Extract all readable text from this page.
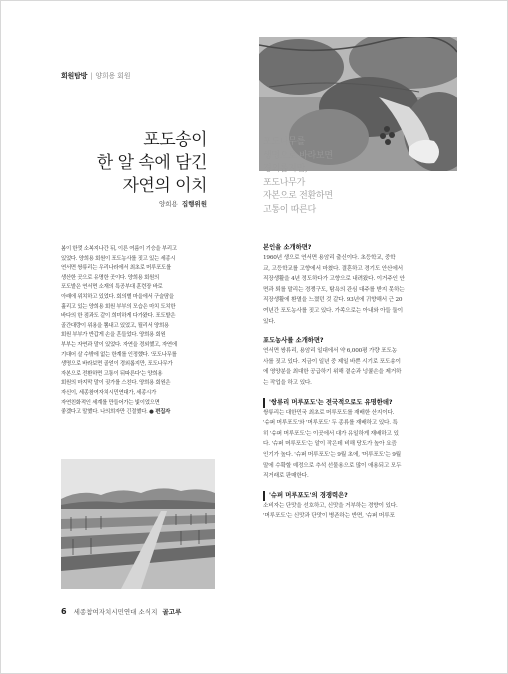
회원탐방 | 양희용 회원
포도송이
한 알 속에 담긴
자연의 이치
양희용 집행위원
포도나무를
생명으로 바라보면
경외롭지만,
포도나무가
자본으로 전환하면
고통이 따른다
봄이 한껏 소복지나간 뒤, 이른 여름이 기승을 부리고
있었다. 양희용 회원이 포도농사를 짓고 있는 세종시
연서면 쌍류리는 우리나라에서 최초로 머루포도를
생산한 곳으로 유명한 곳이다. 양희용 회원의
포도밭은 연서면 소재의 특공부대 훈련장 바로
아래에 위치하고 있었다. 회의별 마을에서 구슬땀을
흘리고 있는 양희용 회원 부부의 모습은 마치 도치한
바다의 한 점과도 같이 희미하게 다가왔다. 포도밭은
골간대량이 위용을 뽐내고 있었고, 될리서 양희용
회원 부부가 반갑게 손을 흔들었다. 양희용 회원
부부는 자연과 말이 있었다. 자연을 경외했고, 자연에
기대어 살 수밖에 없는 한계를 인정했다. '포도나무를
생명으로 바라보면 골얻이 경외롭지만, 포도나무가
자본으로 전환하면 고통이 뒤따른다'는 양희용
회원의 마지막 말이 귓가를 스친다. 양희용 회원은
자신이, 세종참여자치시민연대가, 세종시가
자연친화적인 세계를 만들어가는 빛이었으면
좋겠다고 말했다. 나의희자만 긴절했다. ● 편집자
본인을 소개하면?
1960년 생으로 연서면 용암리 출신이다. 초등학교, 중학
교, 고등학교를 고향에서 마쳤다. 결혼하고 경기도 안산에서
직장생활을 4년 정도하다가 고향으로 내려왔다. 이거주인 안
면과 퇴를 말리는 경쟁구도, 탐욕의 관심 대주를 받지 못하는
직장생활에 환멸을 느꼈던 것 같다. 93년에 귀향해서 근 20
여년간 포도농사를 짓고 있다. 가족으로는 아내와 아들 둘이
있다.
포도농사를 소개하면?
연서면 쌍류리, 용암리 일대에서 약 6,000평 가량 포도농
사를 짓고 있다. 지금이 일년 중 제일 바쁜 시기로 포도송이
에 영양분을 최대한 공급하기 위해 곁순과 넝쿨손을 제거하
는 작업을 하고 있다.
'쌍류리 머루포도'는 전국적으로도 유명한데?
쌍류리는 대한민국 최초로 머루포도를 재배한 산지이다.
'슈퍼 머루포도'와 '머루포도' 두 종류를 재배하고 있다. 특
히 '슈퍼 머루포도'는 이곳에서 대가 유일하게 재배하고 있
다. '슈퍼 머루포도'는 알이 작은데 비해 당도가 높아 요즘
인기가 높다. '슈퍼 머루포도'는 9월 초에, '머루포도'는 9월
말에 수확할 예정으로 추석 선물용으로 많이 애용되고 모두
직거래로 판매한다.
'슈퍼 머루포도'의 경쟁력은?
소비자는 단맛을 선호하고, 신맛을 거부하는 경향이 있다.
'머루포도'는 신맛과 단맛이 병존하는 반면, '슈퍼 머루포
6 세종참여자치시민연대 소식지 골고루
